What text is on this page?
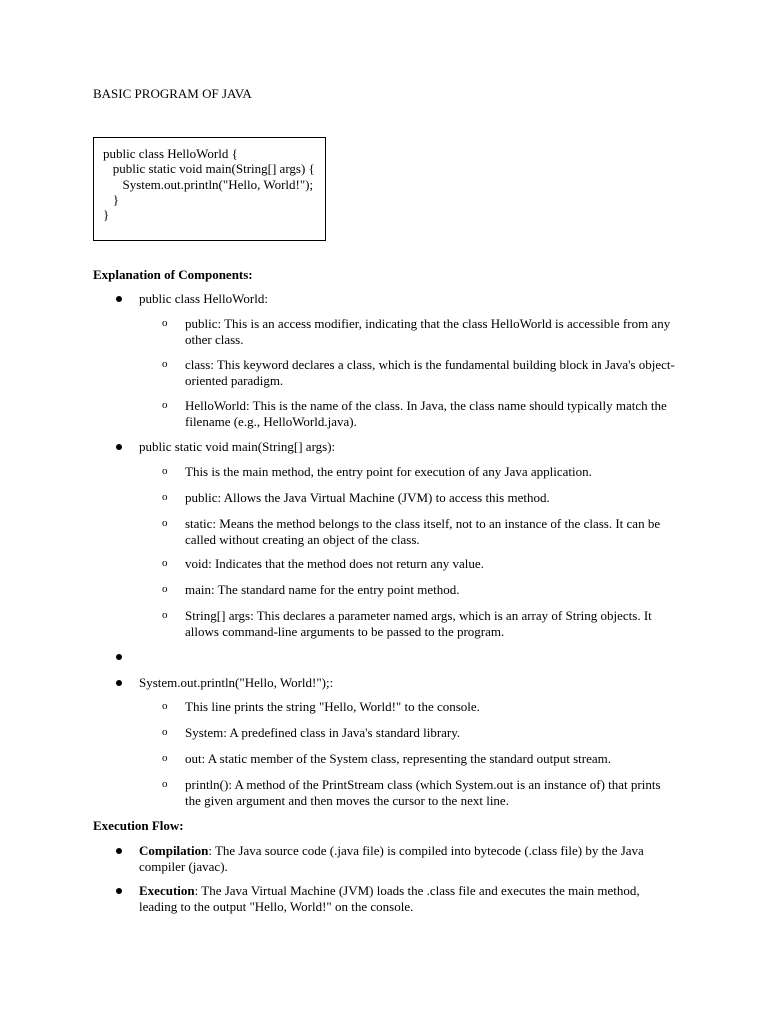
BASIC PROGRAM OF JAVA
public class HelloWorld {
public static void main(String[] args) {
System.out.println("Hello, World!");
}
}
Explanation of Components:
public class HelloWorld:
o public: This is an access modifier, indicating that the class HelloWorld is accessible from any other class.
o class: This keyword declares a class, which is the fundamental building block in Java's object-oriented paradigm.
o HelloWorld: This is the name of the class. In Java, the class name should typically match the filename (e.g., HelloWorld.java).
public static void main(String[] args):
o This is the main method, the entry point for execution of any Java application.
o public: Allows the Java Virtual Machine (JVM) to access this method.
o static: Means the method belongs to the class itself, not to an instance of the class. It can be called without creating an object of the class.
o void: Indicates that the method does not return any value.
o main: The standard name for the entry point method.
o String[] args: This declares a parameter named args, which is an array of String objects. It allows command-line arguments to be passed to the program.
System.out.println("Hello, World!");:
o This line prints the string "Hello, World!" to the console.
o System: A predefined class in Java's standard library.
o out: A static member of the System class, representing the standard output stream.
o println(): A method of the PrintStream class (which System.out is an instance of) that prints the given argument and then moves the cursor to the next line.
Execution Flow:
Compilation: The Java source code (.java file) is compiled into bytecode (.class file) by the Java compiler (javac).
Execution: The Java Virtual Machine (JVM) loads the .class file and executes the main method, leading to the output "Hello, World!" on the console.
